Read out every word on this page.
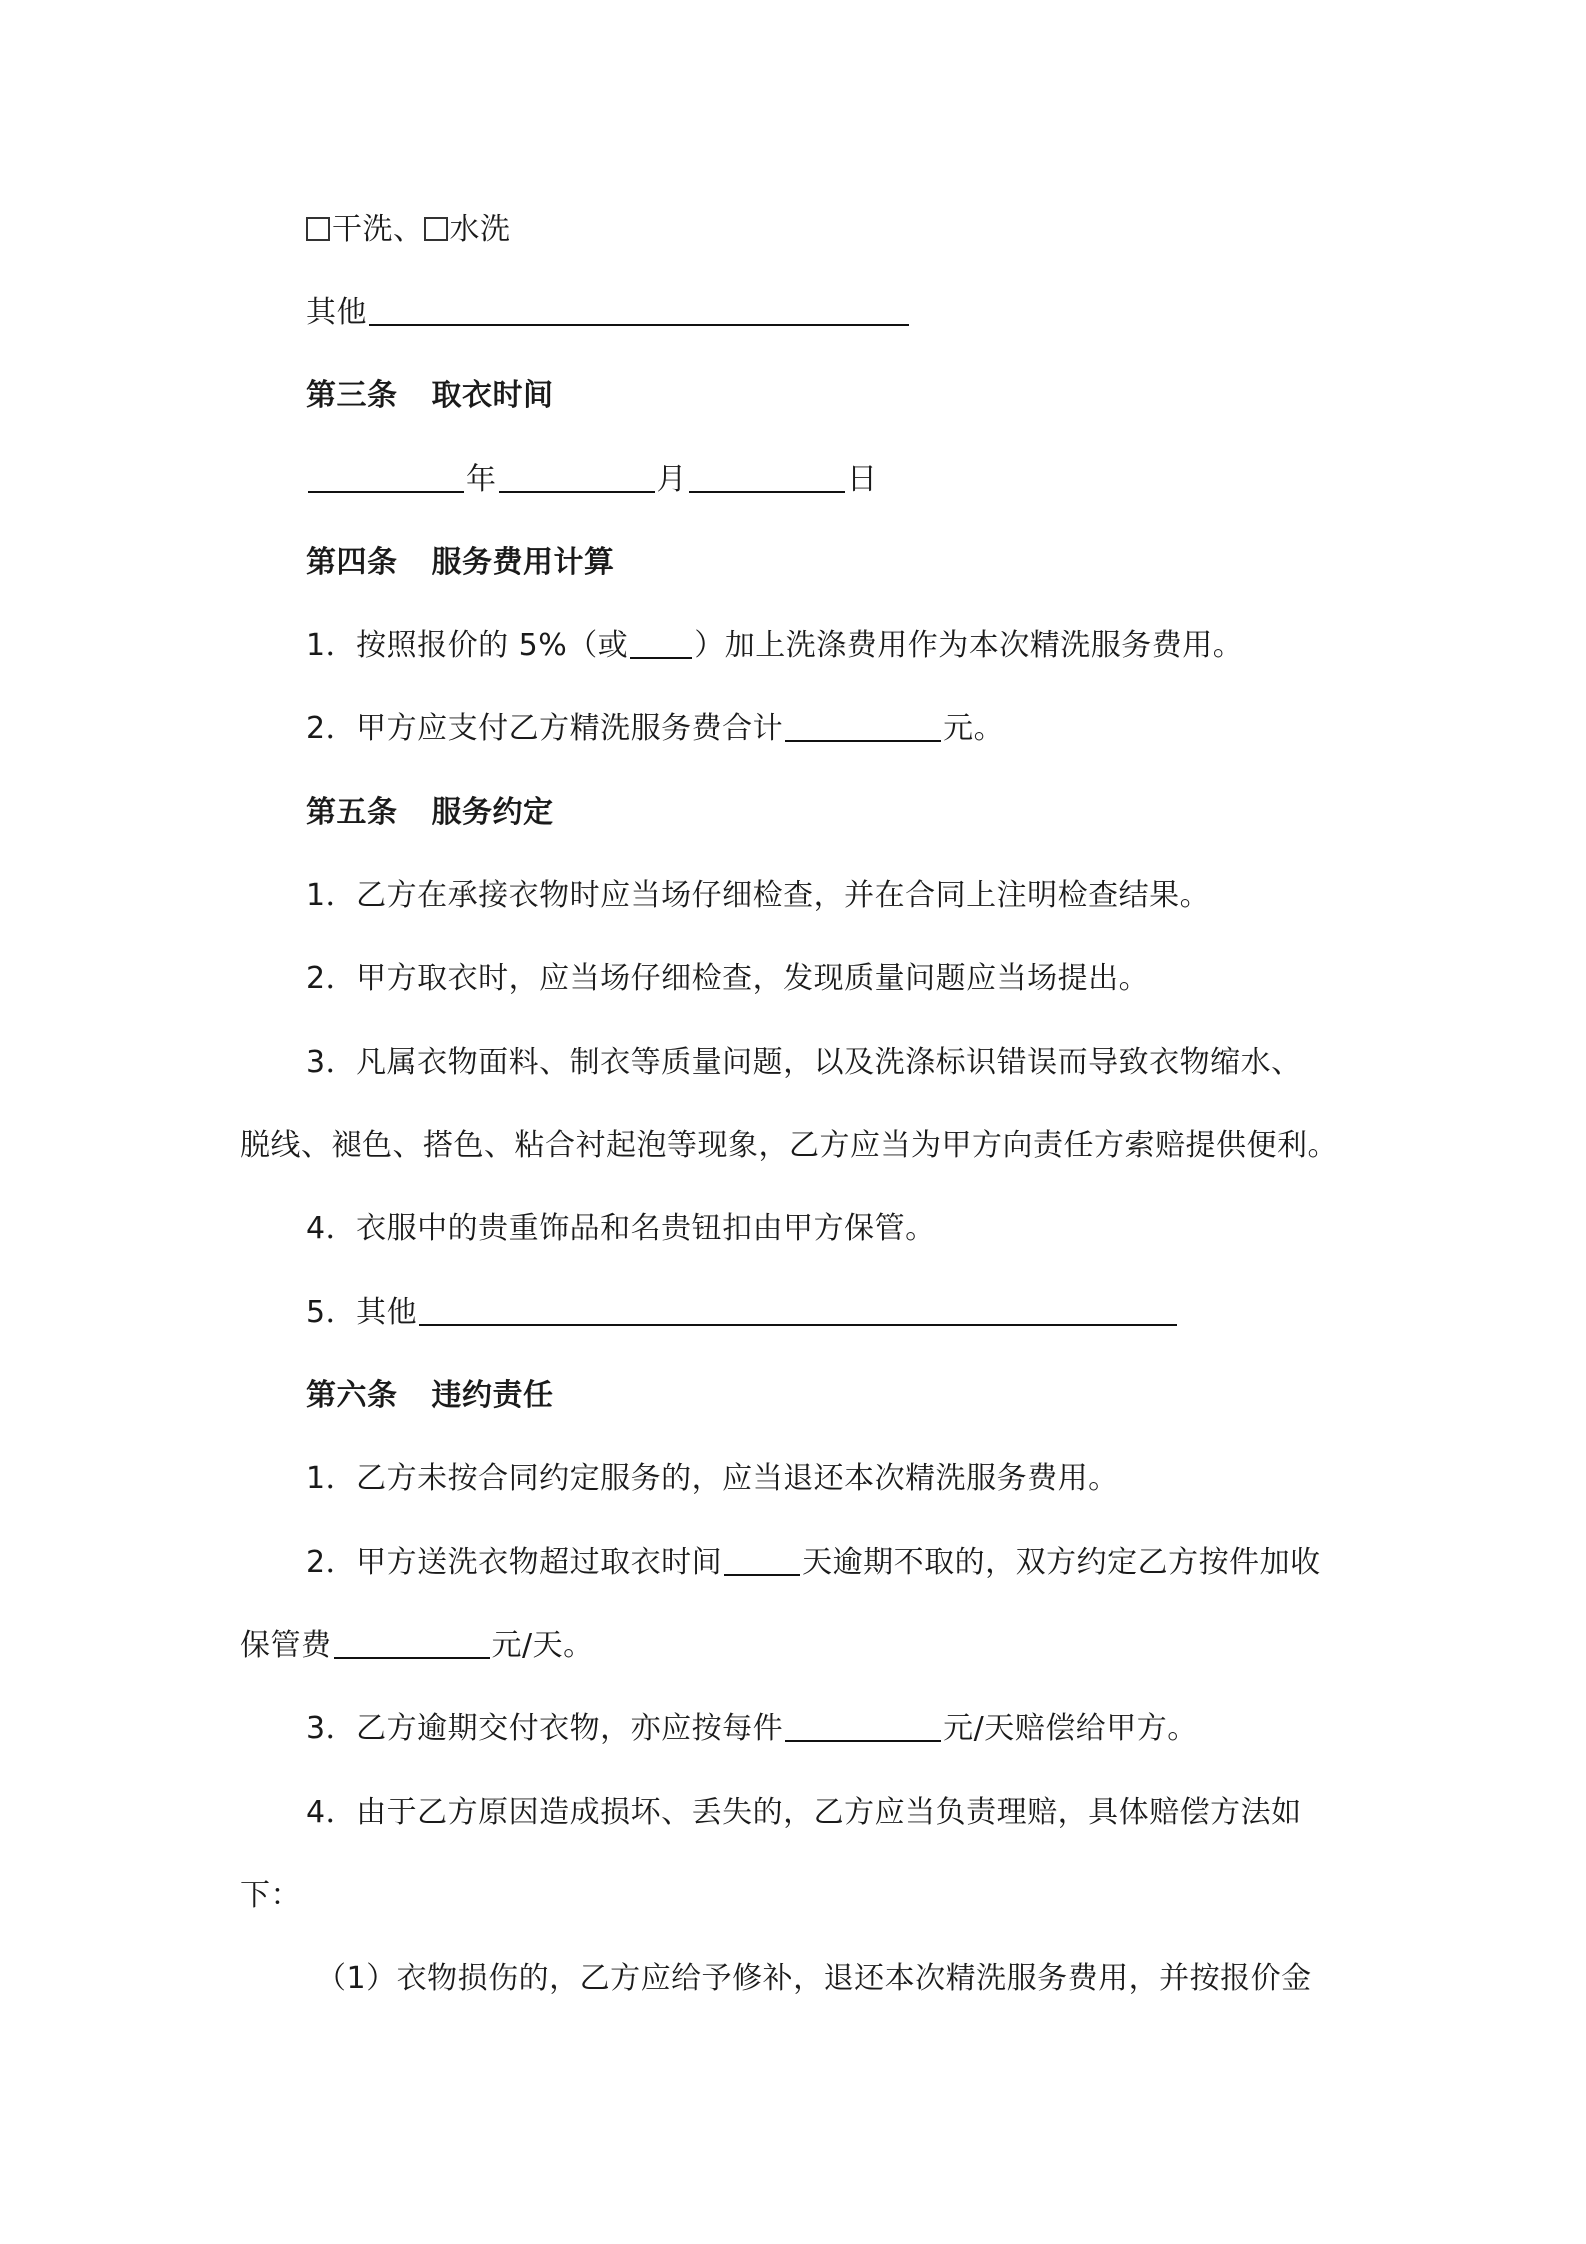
干洗、 水洗
其他
第三条 取衣时间
年	月	日
第四条 服务费用计算
1．按照报价的 5%（或 ）加上洗涤费用作为本次精洗服务费用。
2．甲方应支付乙方精洗服务费合计	元。
第五条 服务约定
1．乙方在承接衣物时应当场仔细检查，并在合同上注明检查结果。
2．甲方取衣时，应当场仔细检查，发现质量问题应当场提出。
3．凡属衣物面料、制衣等质量问题，以及洗涤标识错误而导致衣物缩水、
脱线、褪色、搭色、粘合衬起泡等现象，乙方应当为甲方向责任方索赔提供便利。
4．衣服中的贵重饰品和名贵钮扣由甲方保管。
5．其他
第六条 违约责任
1．乙方未按合同约定服务的，应当退还本次精洗服务费用。
2．甲方送洗衣物超过取衣时间	天逾期不取的，双方约定乙方按件加收
保管费	元/天。
3．乙方逾期交付衣物，亦应按每件	元/天赔偿给甲方。
4．由于乙方原因造成损坏、丢失的，乙方应当负责理赔，具体赔偿方法如
下：
（1）衣物损伤的，乙方应给予修补，退还本次精洗服务费用，并按报价金
